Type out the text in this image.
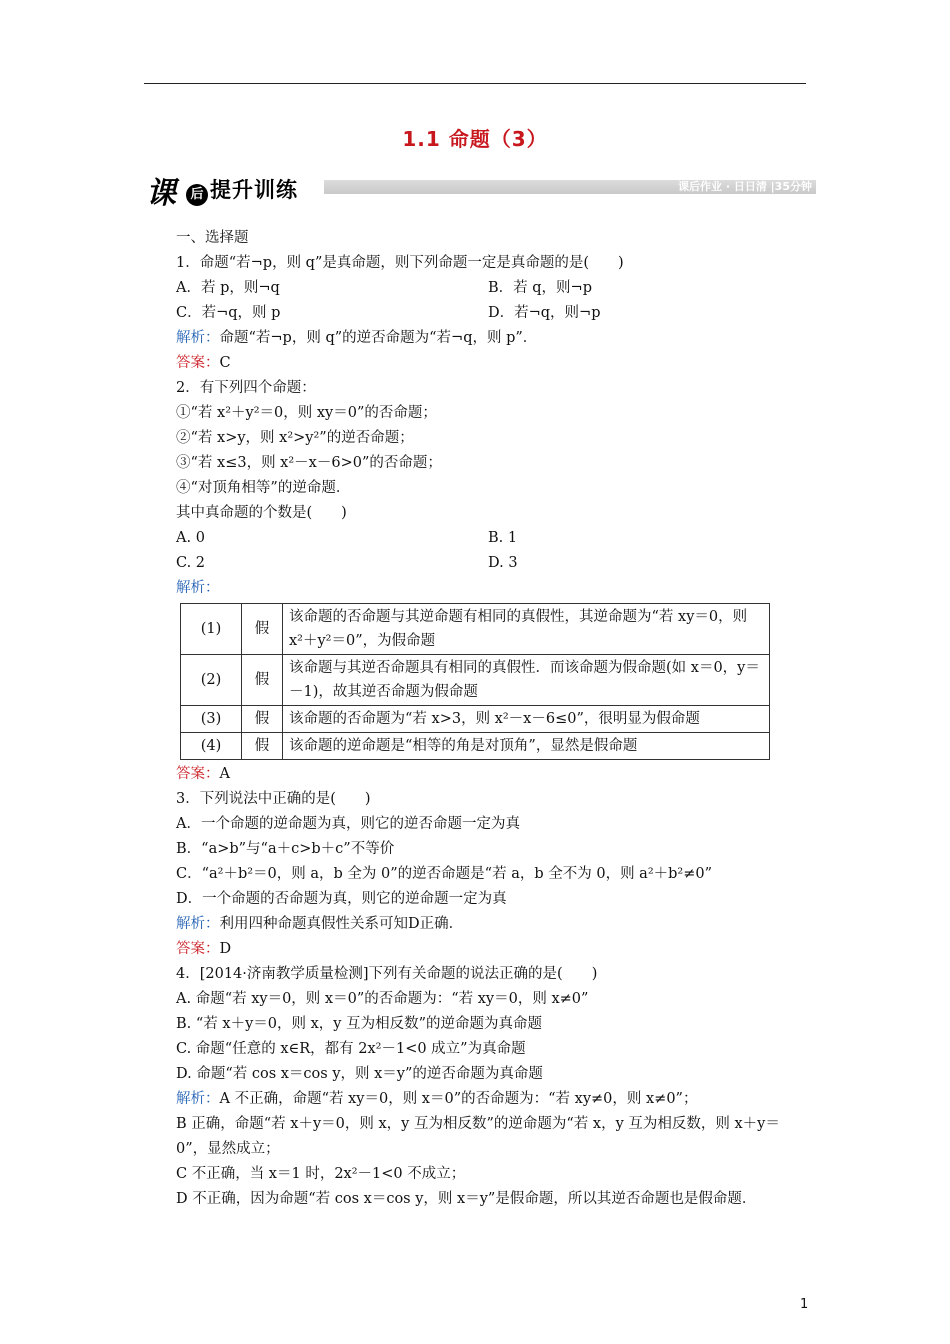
1.1 命题（3）
课	后 提升训练	课后作业 · 日日清 |35分钟
一、选择题
1．命题“若¬p，则 q”是真命题，则下列命题一定是真命题的是(　　)
A．若 p，则¬q	B．若 q，则¬p
C．若¬q，则 p	D．若¬q，则¬p
解析：命题“若¬p，则 q”的逆否命题为“若¬q，则 p”．
答案：C
2．有下列四个命题：
①“若 x²＋y²＝0，则 xy＝0”的否命题；
②“若 x>y，则 x²>y²”的逆否命题；
③“若 x≤3，则 x²－x－6>0”的否命题；
④“对顶角相等”的逆命题．
其中真命题的个数是(　　)
A. 0	B. 1
C. 2	D. 3
解析：
(1)	假	该命题的否命题与其逆命题有相同的真假性，其逆命题为“若 xy＝0，则 x²＋y²＝0”，为假命题
(2)	假	该命题与其逆否命题具有相同的真假性．而该命题为假命题(如 x＝0，y＝－1)，故其逆否命题为假命题
(3)	假	该命题的否命题为“若 x>3，则 x²－x－6≤0”，很明显为假命题
(4)	假	该命题的逆命题是“相等的角是对顶角”，显然是假命题
答案：A
3．下列说法中正确的是(　　)
A．一个命题的逆命题为真，则它的逆否命题一定为真
B．“a>b”与“a＋c>b＋c”不等价
C．“a²＋b²＝0，则 a，b 全为 0”的逆否命题是“若 a，b 全不为 0，则 a²＋b²≠0”
D．一个命题的否命题为真，则它的逆命题一定为真
解析：利用四种命题真假性关系可知D正确．
答案：D
4．[2014·济南教学质量检测]下列有关命题的说法正确的是(　　)
A. 命题“若 xy＝0，则 x＝0”的否命题为：“若 xy＝0，则 x≠0”
B. “若 x＋y＝0，则 x，y 互为相反数”的逆命题为真命题
C. 命题“任意的 x∈R，都有 2x²－1<0 成立”为真命题
D. 命题“若 cos x＝cos y，则 x＝y”的逆否命题为真命题
解析：A 不正确，命题“若 xy＝0，则 x＝0”的否命题为：“若 xy≠0，则 x≠0”；
B 正确，命题“若 x＋y＝0，则 x，y 互为相反数”的逆命题为“若 x，y 互为相反数，则 x＋y＝0”，显然成立；
C 不正确，当 x＝1 时，2x²－1<0 不成立；
D 不正确，因为命题“若 cos x＝cos y，则 x＝y”是假命题，所以其逆否命题也是假命题．
1
